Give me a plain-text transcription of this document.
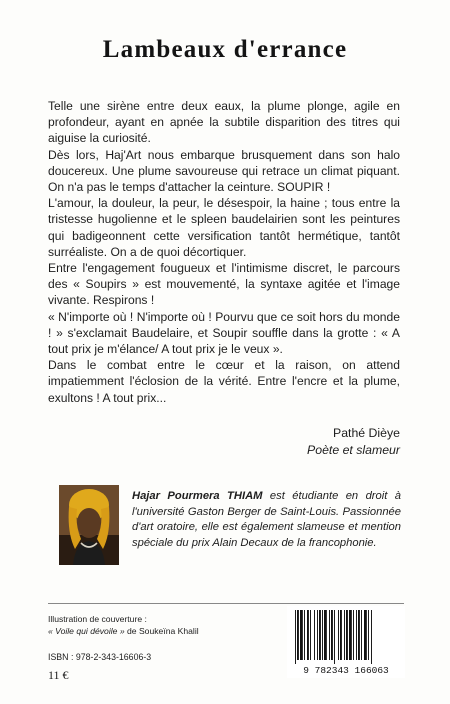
Lambeaux d'errance

Telle une sirène entre deux eaux, la plume plonge, agile en profondeur, ayant en apnée la subtile disparition des titres qui aiguise la curiosité.

Dès lors, Haj'Art nous embarque brusquement dans son halo doucereux. Une plume savoureuse qui retrace un climat piquant. On n'a pas le temps d'attacher la ceinture. SOUPIR !

L'amour, la douleur, la peur, le désespoir, la haine ; tous entre la tristesse hugolienne et le spleen baudelairien sont les peintures qui badigeonnent cette versification tantôt hermétique, tantôt surréaliste. On a de quoi décortiquer.

Entre l'engagement fougueux et l'intimisme discret, le parcours des « Soupirs » est mouvementé, la syntaxe agitée et l'image vivante. Respirons !

« N'importe où ! N'importe où ! Pourvu que ce soit hors du monde ! » s'exclamait Baudelaire, et Soupir souffle dans la grotte : « A tout prix je m'élance/ A tout prix je le veux ».

Dans le combat entre le cœur et la raison, on attend impatiemment l'éclosion de la vérité. Entre l'encre et la plume, exultons ! A tout prix...

Pathé Dièye
Poète et slameur
Hajar Pourmera THIAM est étudiante en droit à l'université Gaston Berger de Saint-Louis. Passionnée d'art oratoire, elle est également slameuse et mention spéciale du prix Alain Decaux de la francophonie.
Illustration de couverture :
« Voile qui dévoile » de Soukeïna Khalil
ISBN : 978-2-343-16606-3
11 €	9 782343 166063
